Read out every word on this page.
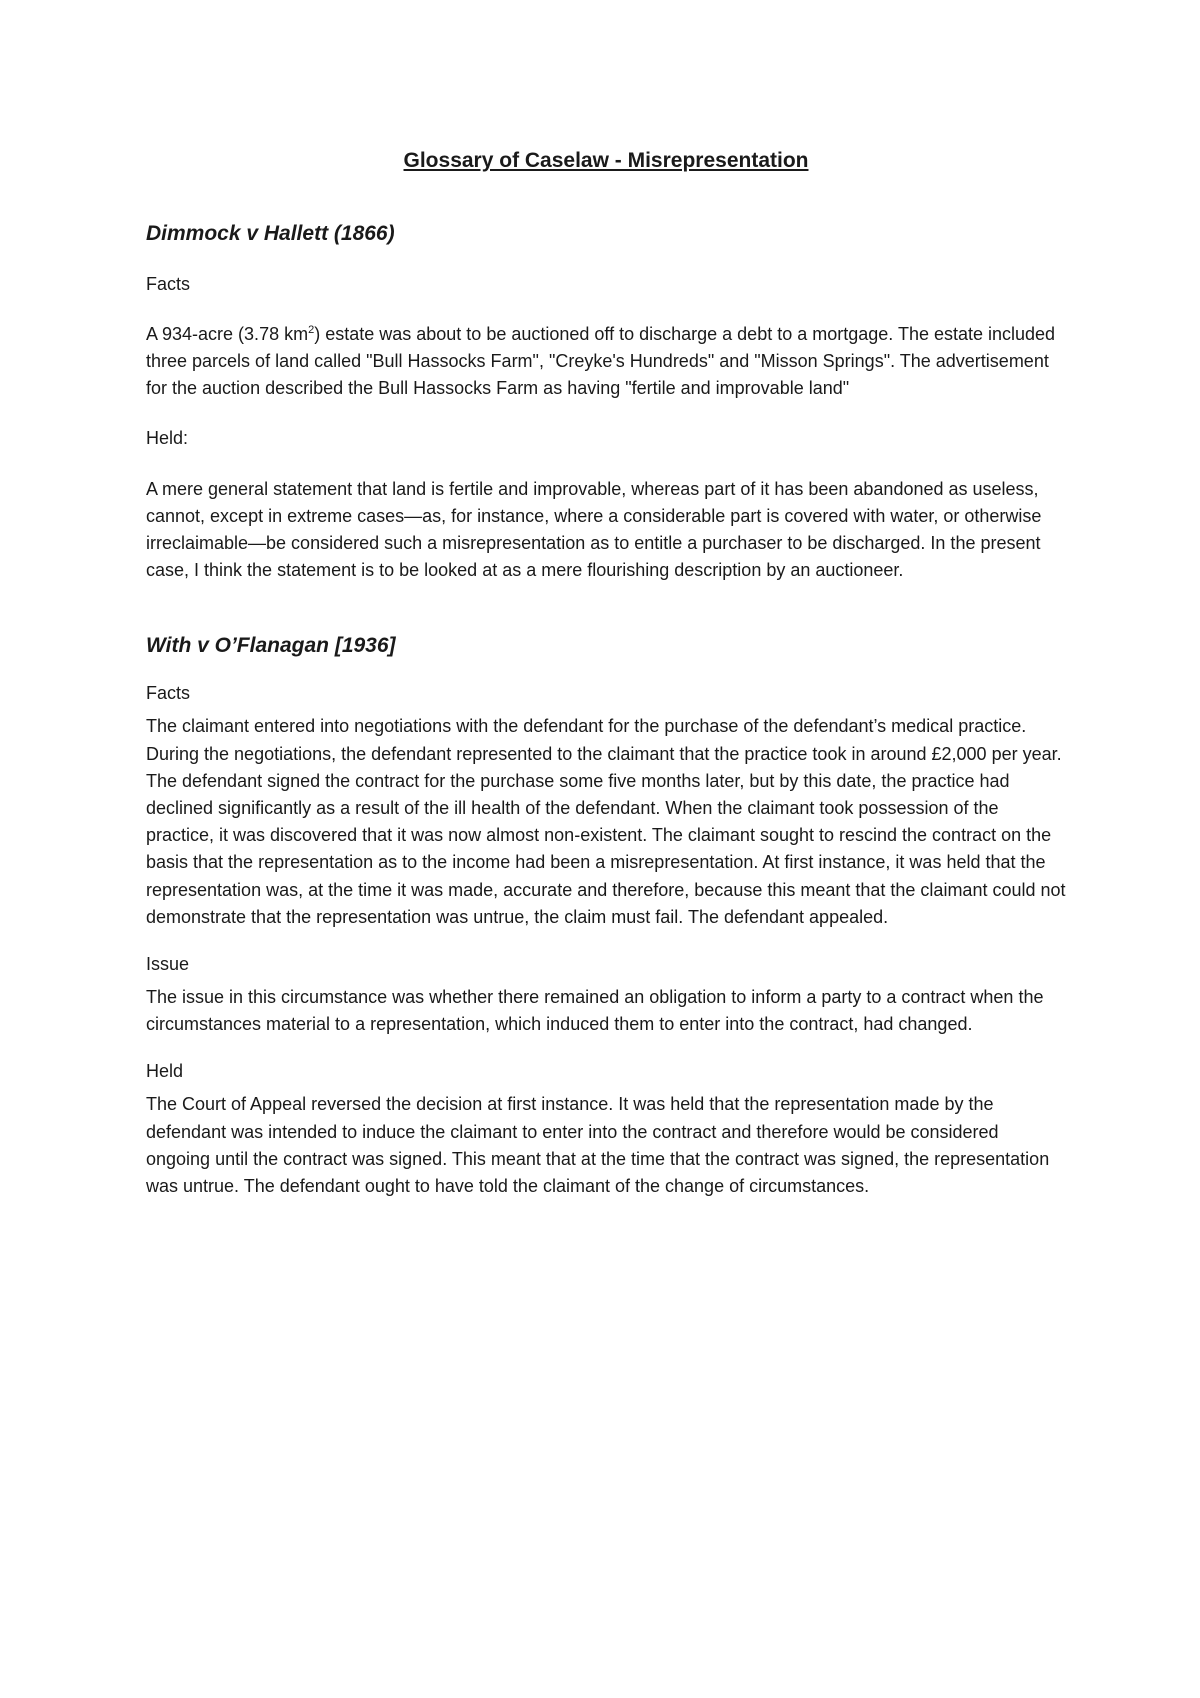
Glossary of Caselaw - Misrepresentation
Dimmock v Hallett (1866)

Facts

A 934-acre (3.78 $km^2$) estate was about to be auctioned off to discharge a debt to a mortgage. The estate included three parcels of land called "Bull Hassocks Farm", "Creyke's Hundreds" and "Misson Springs". The advertisement for the auction described the Bull Hassocks Farm as having "fertile and improvable land"

Held:

A mere general statement that land is fertile and improvable, whereas part of it has been abandoned as useless, cannot, except in extreme cases—as, for instance, where a considerable part is covered with water, or otherwise irreclaimable—be considered such a misrepresentation as to entitle a purchaser to be discharged. In the present case, I think the statement is to be looked at as a mere flourishing description by an auctioneer.

With v O’Flanagan [1936]

Facts

The claimant entered into negotiations with the defendant for the purchase of the defendant’s medical practice. During the negotiations, the defendant represented to the claimant that the practice took in around £2,000 per year. The defendant signed the contract for the purchase some five months later, but by this date, the practice had declined significantly as a result of the ill health of the defendant. When the claimant took possession of the practice, it was discovered that it was now almost non-existent. The claimant sought to rescind the contract on the basis that the representation as to the income had been a misrepresentation. At first instance, it was held that the representation was, at the time it was made, accurate and therefore, because this meant that the claimant could not demonstrate that the representation was untrue, the claim must fail. The defendant appealed.

Issue

The issue in this circumstance was whether there remained an obligation to inform a party to a contract when the circumstances material to a representation, which induced them to enter into the contract, had changed.

Held

The Court of Appeal reversed the decision at first instance. It was held that the representation made by the defendant was intended to induce the claimant to enter into the contract and therefore would be considered ongoing until the contract was signed. This meant that at the time that the contract was signed, the representation was untrue. The defendant ought to have told the claimant of the change of circumstances.
